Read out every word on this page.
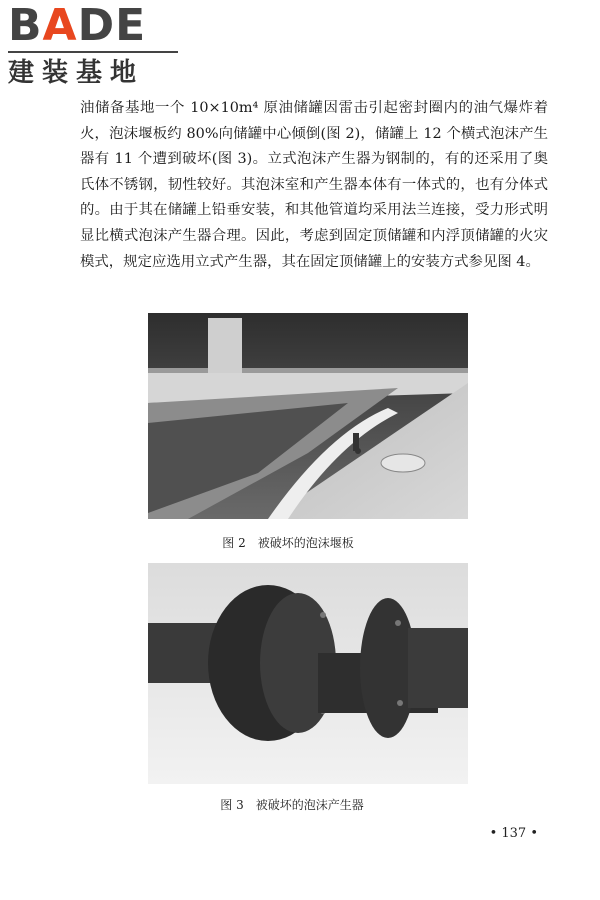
BADE
建装基地

油储备基地一个 10×10m⁴ 原油储罐因雷击引起密封圈内的油气爆炸着火，泡沫堰板约 80%向储罐中心倾倒(图 2)，储罐上 12 个横式泡沫产生器有 11 个遭到破坏(图 3)。立式泡沫产生器为钢制的，有的还采用了奥氏体不锈钢，韧性较好。其泡沫室和产生器本体有一体式的，也有分体式的。由于其在储罐上铅垂安装，和其他管道均采用法兰连接，受力形式明显比横式泡沫产生器合理。因此，考虑到固定顶储罐和内浮顶储罐的火灾模式，规定应选用立式产生器，其在固定顶储罐上的安装方式参见图 4。

图 2　被破坏的泡沫堰板
图 3　被破坏的泡沫产生器
• 137 •
